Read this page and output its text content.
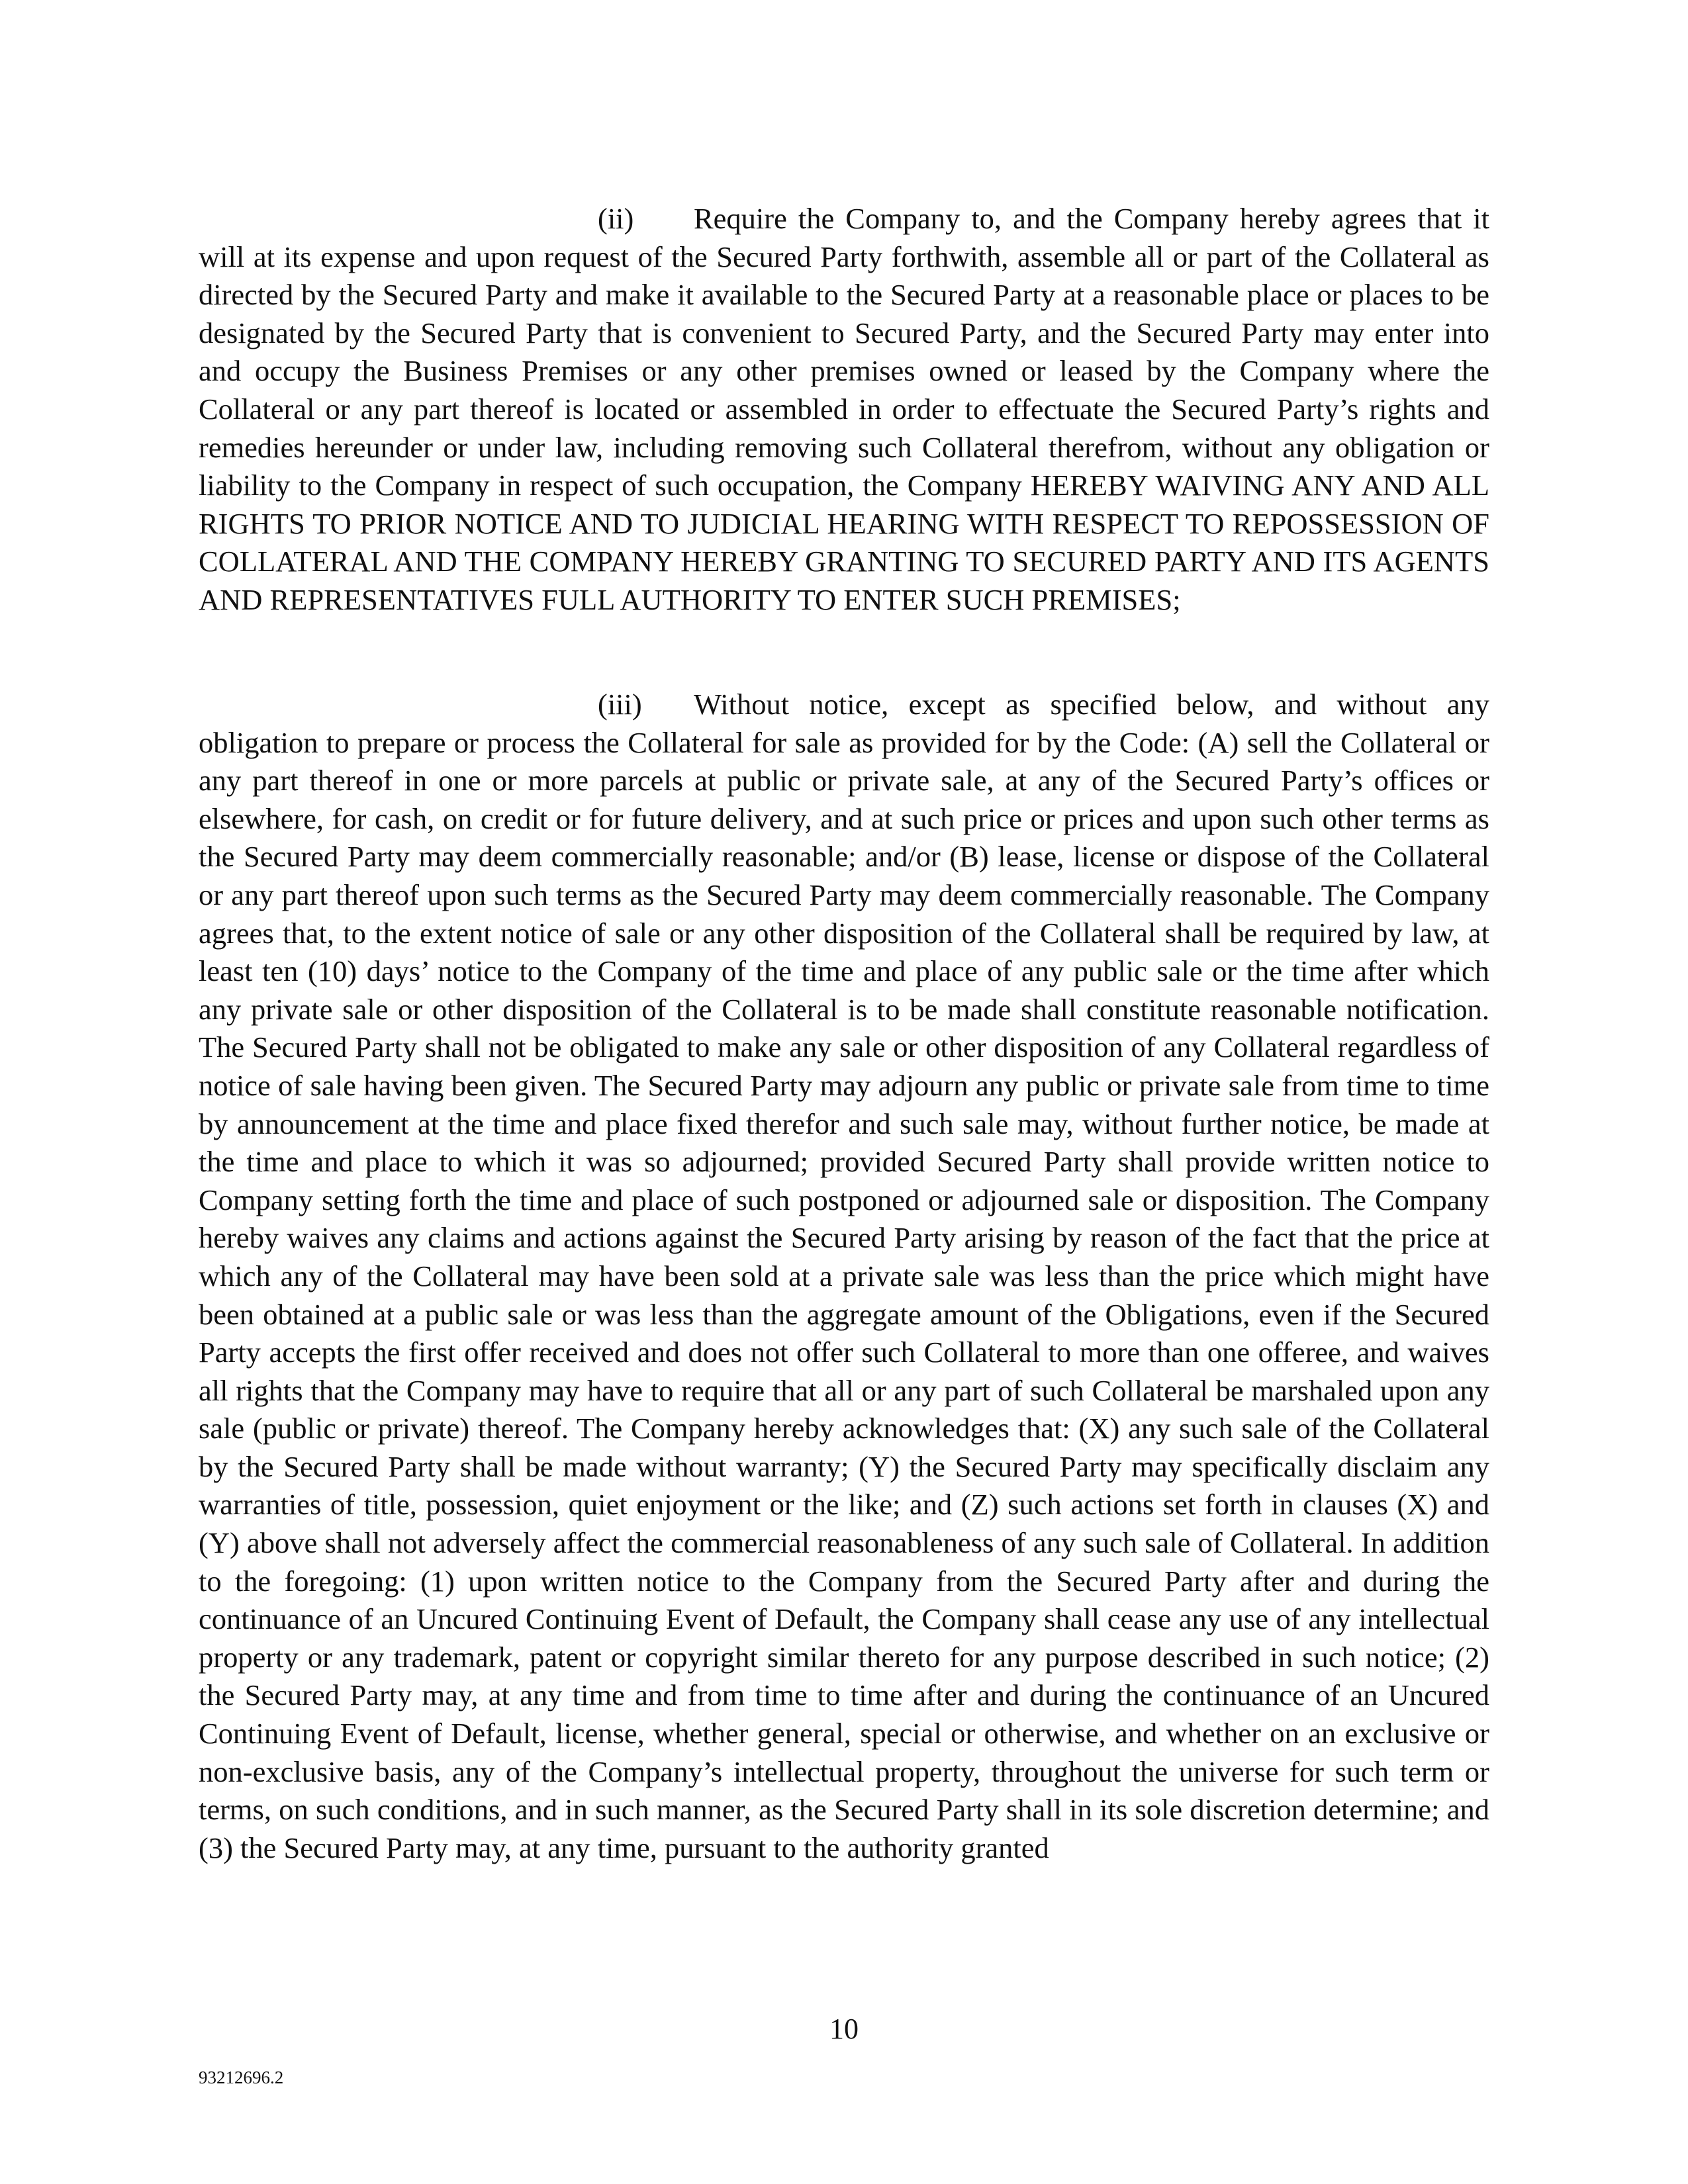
(ii) Require the Company to, and the Company hereby agrees that it will at its expense and upon request of the Secured Party forthwith, assemble all or part of the Collateral as directed by the Secured Party and make it available to the Secured Party at a reasonable place or places to be designated by the Secured Party that is convenient to Secured Party, and the Secured Party may enter into and occupy the Business Premises or any other premises owned or leased by the Company where the Collateral or any part thereof is located or assembled in order to effectuate the Secured Party’s rights and remedies hereunder or under law, including removing such Collateral therefrom, without any obligation or liability to the Company in respect of such occupation, the Company HEREBY WAIVING ANY AND ALL RIGHTS TO PRIOR NOTICE AND TO JUDICIAL HEARING WITH RESPECT TO REPOSSESSION OF COLLATERAL AND THE COMPANY HEREBY GRANTING TO SECURED PARTY AND ITS AGENTS AND REPRESENTATIVES FULL AUTHORITY TO ENTER SUCH PREMISES;

(iii) Without notice, except as specified below, and without any obligation to prepare or process the Collateral for sale as provided for by the Code: (A) sell the Collateral or any part thereof in one or more parcels at public or private sale, at any of the Secured Party’s offices or elsewhere, for cash, on credit or for future delivery, and at such price or prices and upon such other terms as the Secured Party may deem commercially reasonable; and/or (B) lease, license or dispose of the Collateral or any part thereof upon such terms as the Secured Party may deem commercially reasonable. The Company agrees that, to the extent notice of sale or any other disposition of the Collateral shall be required by law, at least ten (10) days’ notice to the Company of the time and place of any public sale or the time after which any private sale or other disposition of the Collateral is to be made shall constitute reasonable notification. The Secured Party shall not be obligated to make any sale or other disposition of any Collateral regardless of notice of sale having been given. The Secured Party may adjourn any public or private sale from time to time by announcement at the time and place fixed therefor and such sale may, without further notice, be made at the time and place to which it was so adjourned; provided Secured Party shall provide written notice to Company setting forth the time and place of such postponed or adjourned sale or disposition. The Company hereby waives any claims and actions against the Secured Party arising by reason of the fact that the price at which any of the Collateral may have been sold at a private sale was less than the price which might have been obtained at a public sale or was less than the aggregate amount of the Obligations, even if the Secured Party accepts the first offer received and does not offer such Collateral to more than one offeree, and waives all rights that the Company may have to require that all or any part of such Collateral be marshaled upon any sale (public or private) thereof. The Company hereby acknowledges that: (X) any such sale of the Collateral by the Secured Party shall be made without warranty; (Y) the Secured Party may specifically disclaim any warranties of title, possession, quiet enjoyment or the like; and (Z) such actions set forth in clauses (X) and (Y) above shall not adversely affect the commercial reasonableness of any such sale of Collateral. In addition to the foregoing: (1) upon written notice to the Company from the Secured Party after and during the continuance of an Uncured Continuing Event of Default, the Company shall cease any use of any intellectual property or any trademark, patent or copyright similar thereto for any purpose described in such notice; (2) the Secured Party may, at any time and from time to time after and during the continuance of an Uncured Continuing Event of Default, license, whether general, special or otherwise, and whether on an exclusive or non-exclusive basis, any of the Company’s intellectual property, throughout the universe for such term or terms, on such conditions, and in such manner, as the Secured Party shall in its sole discretion determine; and (3) the Secured Party may, at any time, pursuant to the authority granted

10

93212696.2
